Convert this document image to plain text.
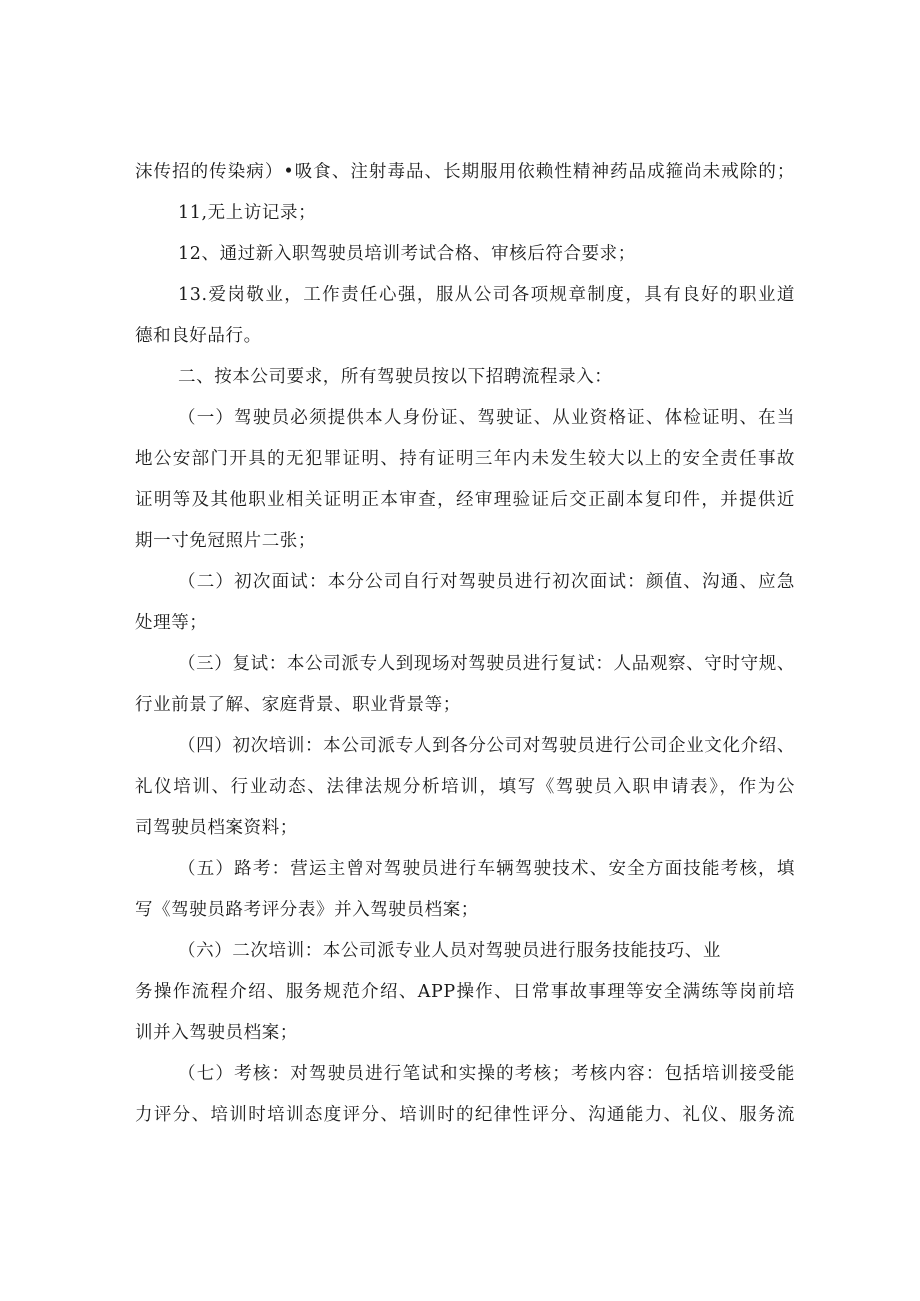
沫传招的传染病）•吸食、注射毒品、长期服用依赖性精神药品成箍尚未戒除的；
11,无上访记录；
12、通过新入职驾驶员培训考试合格、审核后符合要求；
13.爱岗敬业，工作责任心强，服从公司各项规章制度，具有良好的职业道
德和良好品行。
二、按本公司要求，所有驾驶员按以下招聘流程录入：
（一）驾驶员必须提供本人身份证、驾驶证、从业资格证、体检证明、在当
地公安部门开具的无犯罪证明、持有证明三年内未发生较大以上的安全责任事故
证明等及其他职业相关证明正本审查，经审理验证后交正副本复印件，并提供近
期一寸免冠照片二张；
（二）初次面试：本分公司自行对驾驶员进行初次面试：颜值、沟通、应急
处理等；
（三）复试：本公司派专人到现场对驾驶员进行复试：人品观察、守时守规、
行业前景了解、家庭背景、职业背景等；
（四）初次培训：本公司派专人到各分公司对驾驶员进行公司企业文化介绍、
礼仪培训、行业动态、法律法规分析培训，填写《驾驶员入职申请表》，作为公
司驾驶员档案资料；
（五）路考：营运主曾对驾驶员进行车辆驾驶技术、安全方面技能考核，填
写《驾驶员路考评分表》并入驾驶员档案；
（六）二次培训：本公司派专业人员对驾驶员进行服务技能技巧、业
务操作流程介绍、服务规范介绍、APP操作、日常事故事理等安全满练等岗前培
训并入驾驶员档案；
（七）考核：对驾驶员进行笔试和实操的考核；考核内容：包括培训接受能
力评分、培训时培训态度评分、培训时的纪律性评分、沟通能力、礼仪、服务流
